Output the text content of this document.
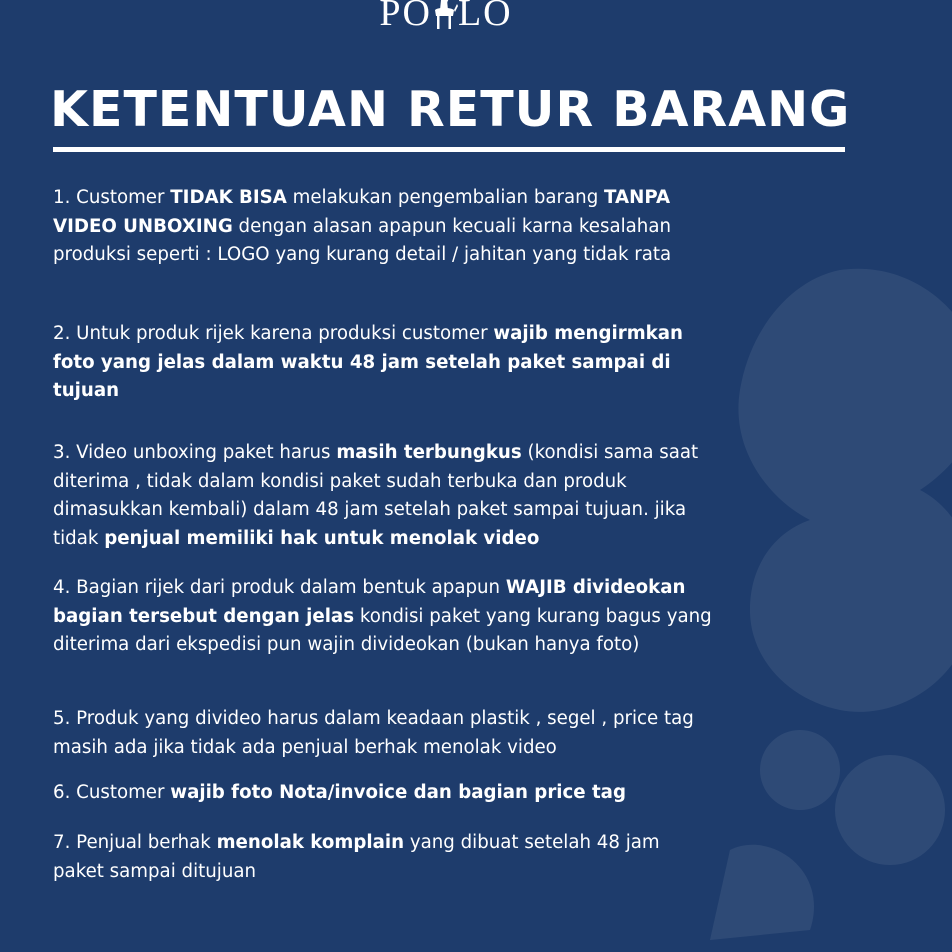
PO LO
KETENTUAN RETUR BARANG

1. Customer TIDAK BISA melakukan pengembalian barang TANPA VIDEO UNBOXING dengan alasan apapun kecuali karna kesalahan produksi seperti : LOGO yang kurang detail / jahitan yang tidak rata

2. Untuk produk rijek karena produksi customer wajib mengirmkan foto yang jelas dalam waktu 48 jam setelah paket sampai di tujuan

3. Video unboxing paket harus masih terbungkus (kondisi sama saat diterima , tidak dalam kondisi paket sudah terbuka dan produk dimasukkan kembali) dalam 48 jam setelah paket sampai tujuan. jika tidak penjual memiliki hak untuk menolak video

4. Bagian rijek dari produk dalam bentuk apapun WAJIB divideokan bagian tersebut dengan jelas kondisi paket yang kurang bagus yang diterima dari ekspedisi pun wajin divideokan (bukan hanya foto)

5. Produk yang divideo harus dalam keadaan plastik , segel , price tag masih ada jika tidak ada penjual berhak menolak video

6. Customer wajib foto Nota/invoice dan bagian price tag

7. Penjual berhak menolak komplain yang dibuat setelah 48 jam paket sampai ditujuan
